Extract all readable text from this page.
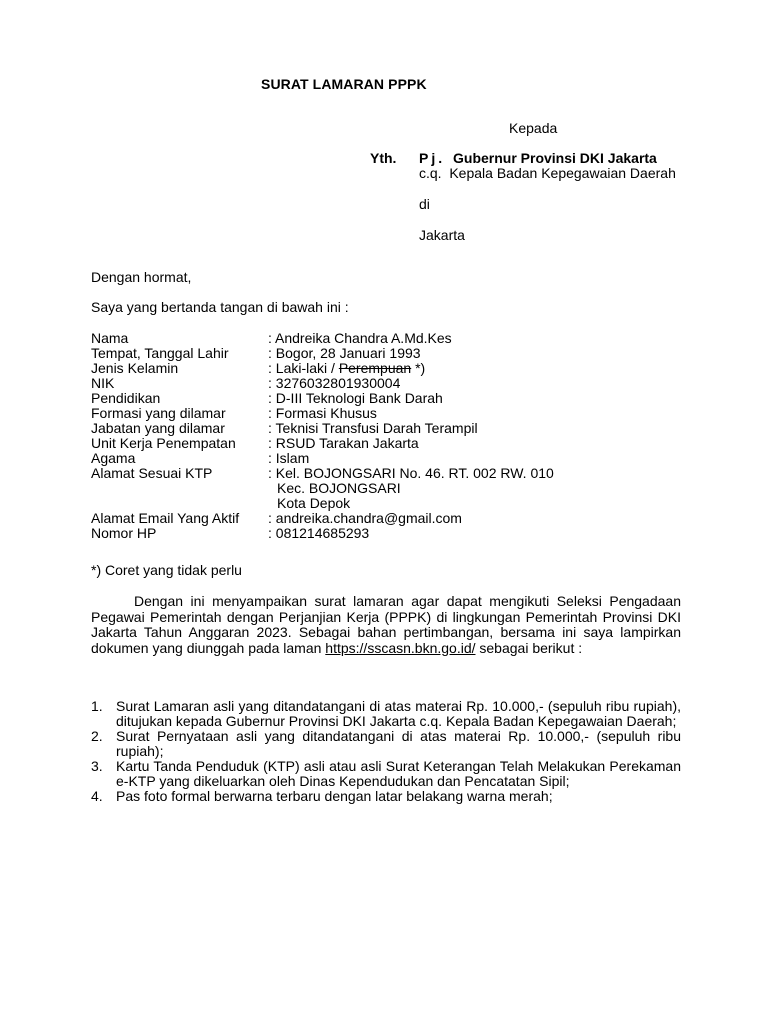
SURAT LAMARAN PPPK
Kepada
Yth. Pj. Gubernur Provinsi DKI Jakarta
c.q.  Kepala Badan Kepegawaian Daerah
di
Jakarta
Dengan hormat,
Saya yang bertanda tangan di bawah ini :
Nama	: Andreika Chandra A.Md.Kes
Tempat, Tanggal Lahir	: Bogor, 28 Januari 1993
Jenis Kelamin	: Laki-laki / Perempuan *)
NIK	: 3276032801930004
Pendidikan	: D-III Teknologi Bank Darah
Formasi yang dilamar	: Formasi Khusus
Jabatan yang dilamar	: Teknisi Transfusi Darah Terampil
Unit Kerja Penempatan	: RSUD Tarakan Jakarta
Agama	: Islam
Alamat Sesuai KTP	: Kel. BOJONGSARI No. 46. RT. 002 RW. 010
Kec. BOJONGSARI
Kota Depok
Alamat Email Yang Aktif	: andreika.chandra@gmail.com
Nomor HP	: 081214685293
*) Coret yang tidak perlu
Dengan ini menyampaikan surat lamaran agar dapat mengikuti Seleksi Pengadaan Pegawai Pemerintah dengan Perjanjian Kerja (PPPK) di lingkungan Pemerintah Provinsi DKI Jakarta Tahun Anggaran 2023. Sebagai bahan pertimbangan, bersama ini saya lampirkan dokumen yang diunggah pada laman https://sscasn.bkn.go.id/ sebagai berikut :
1. Surat Lamaran asli yang ditandatangani di atas materai Rp. 10.000,- (sepuluh ribu rupiah), ditujukan kepada Gubernur Provinsi DKI Jakarta c.q. Kepala Badan Kepegawaian Daerah;
2. Surat Pernyataan asli yang ditandatangani di atas materai Rp. 10.000,- (sepuluh ribu rupiah);
3. Kartu Tanda Penduduk (KTP) asli atau asli Surat Keterangan Telah Melakukan Perekaman e-KTP yang dikeluarkan oleh Dinas Kependudukan dan Pencatatan Sipil;
4. Pas foto formal berwarna terbaru dengan latar belakang warna merah;
